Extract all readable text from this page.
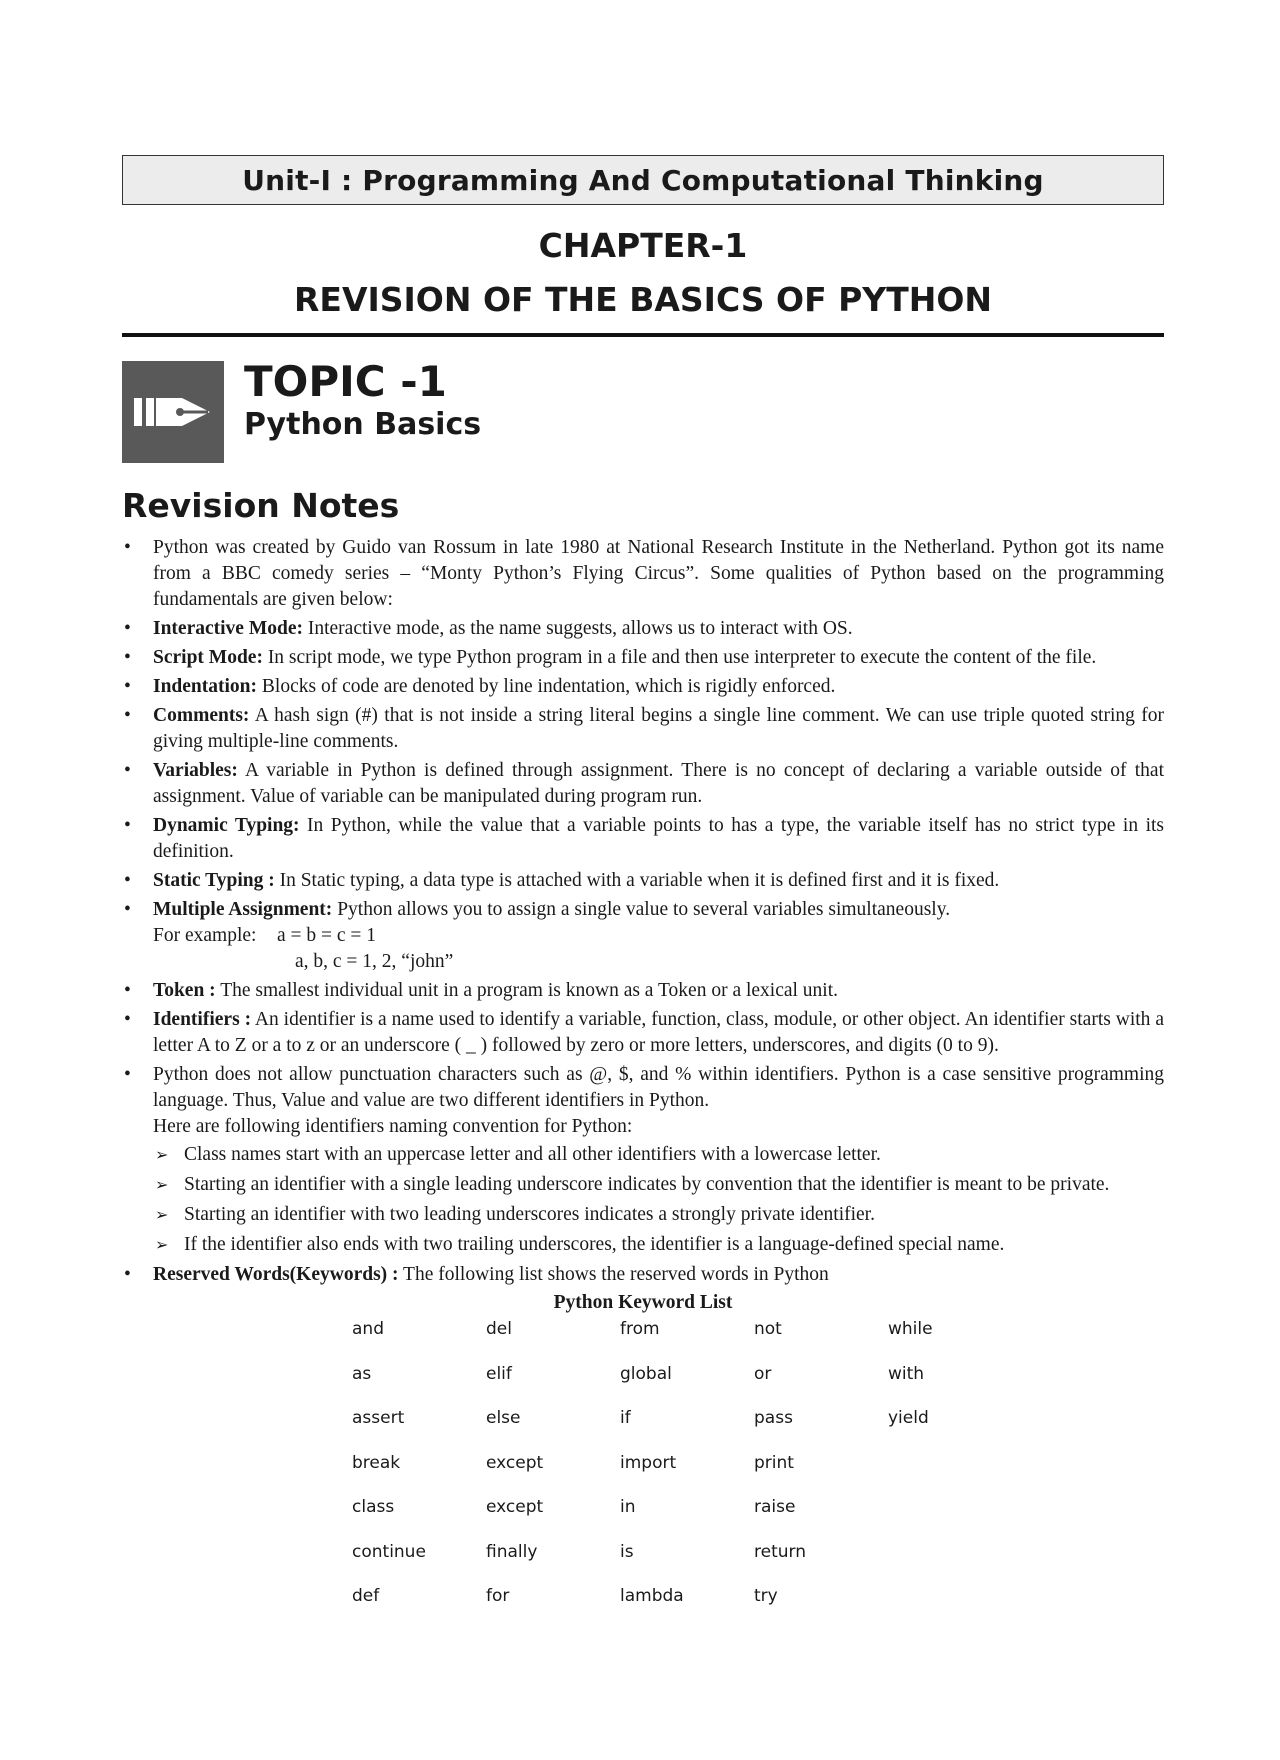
Unit-I : Programming And Computational Thinking
CHAPTER-1
REVISION OF THE BASICS OF PYTHON
TOPIC -1
Python Basics
Revision Notes
• Python was created by Guido van Rossum in late 1980 at National Research Institute in the Netherland. Python got its name from a BBC comedy series – “Monty Python’s Flying Circus”. Some qualities of Python based on the programming fundamentals are given below:
• Interactive Mode: Interactive mode, as the name suggests, allows us to interact with OS.
• Script Mode: In script mode, we type Python program in a file and then use interpreter to execute the content of the file.
• Indentation: Blocks of code are denoted by line indentation, which is rigidly enforced.
• Comments: A hash sign (#) that is not inside a string literal begins a single line comment. We can use triple quoted string for giving multiple-line comments.
• Variables: A variable in Python is defined through assignment. There is no concept of declaring a variable outside of that assignment. Value of variable can be manipulated during program run.
• Dynamic Typing: In Python, while the value that a variable points to has a type, the variable itself has no strict type in its definition.
• Static Typing : In Static typing, a data type is attached with a variable when it is defined first and it is fixed.
• Multiple Assignment: Python allows you to assign a single value to several variables simultaneously.
For example: a = b = c = 1
a, b, c = 1, 2, “john”
• Token : The smallest individual unit in a program is known as a Token or a lexical unit.
• Identifiers : An identifier is a name used to identify a variable, function, class, module, or other object. An identifier starts with a letter A to Z or a to z or an underscore ( _ ) followed by zero or more letters, underscores, and digits (0 to 9).
• Python does not allow punctuation characters such as @, $, and % within identifiers. Python is a case sensitive programming language. Thus, Value and value are two different identifiers in Python.
Here are following identifiers naming convention for Python:
➢ Class names start with an uppercase letter and all other identifiers with a lowercase letter.
➢ Starting an identifier with a single leading underscore indicates by convention that the identifier is meant to be private.
➢ Starting an identifier with two leading underscores indicates a strongly private identifier.
➢ If the identifier also ends with two trailing underscores, the identifier is a language-defined special name.
• Reserved Words(Keywords) : The following list shows the reserved words in Python
Python Keyword List
and	del	from	not	while
as	elif	global	or	with
assert	else	if	pass	yield
break	except	import	print	
class	except	in	raise	
continue	finally	is	return	
def	for	lambda	try	
